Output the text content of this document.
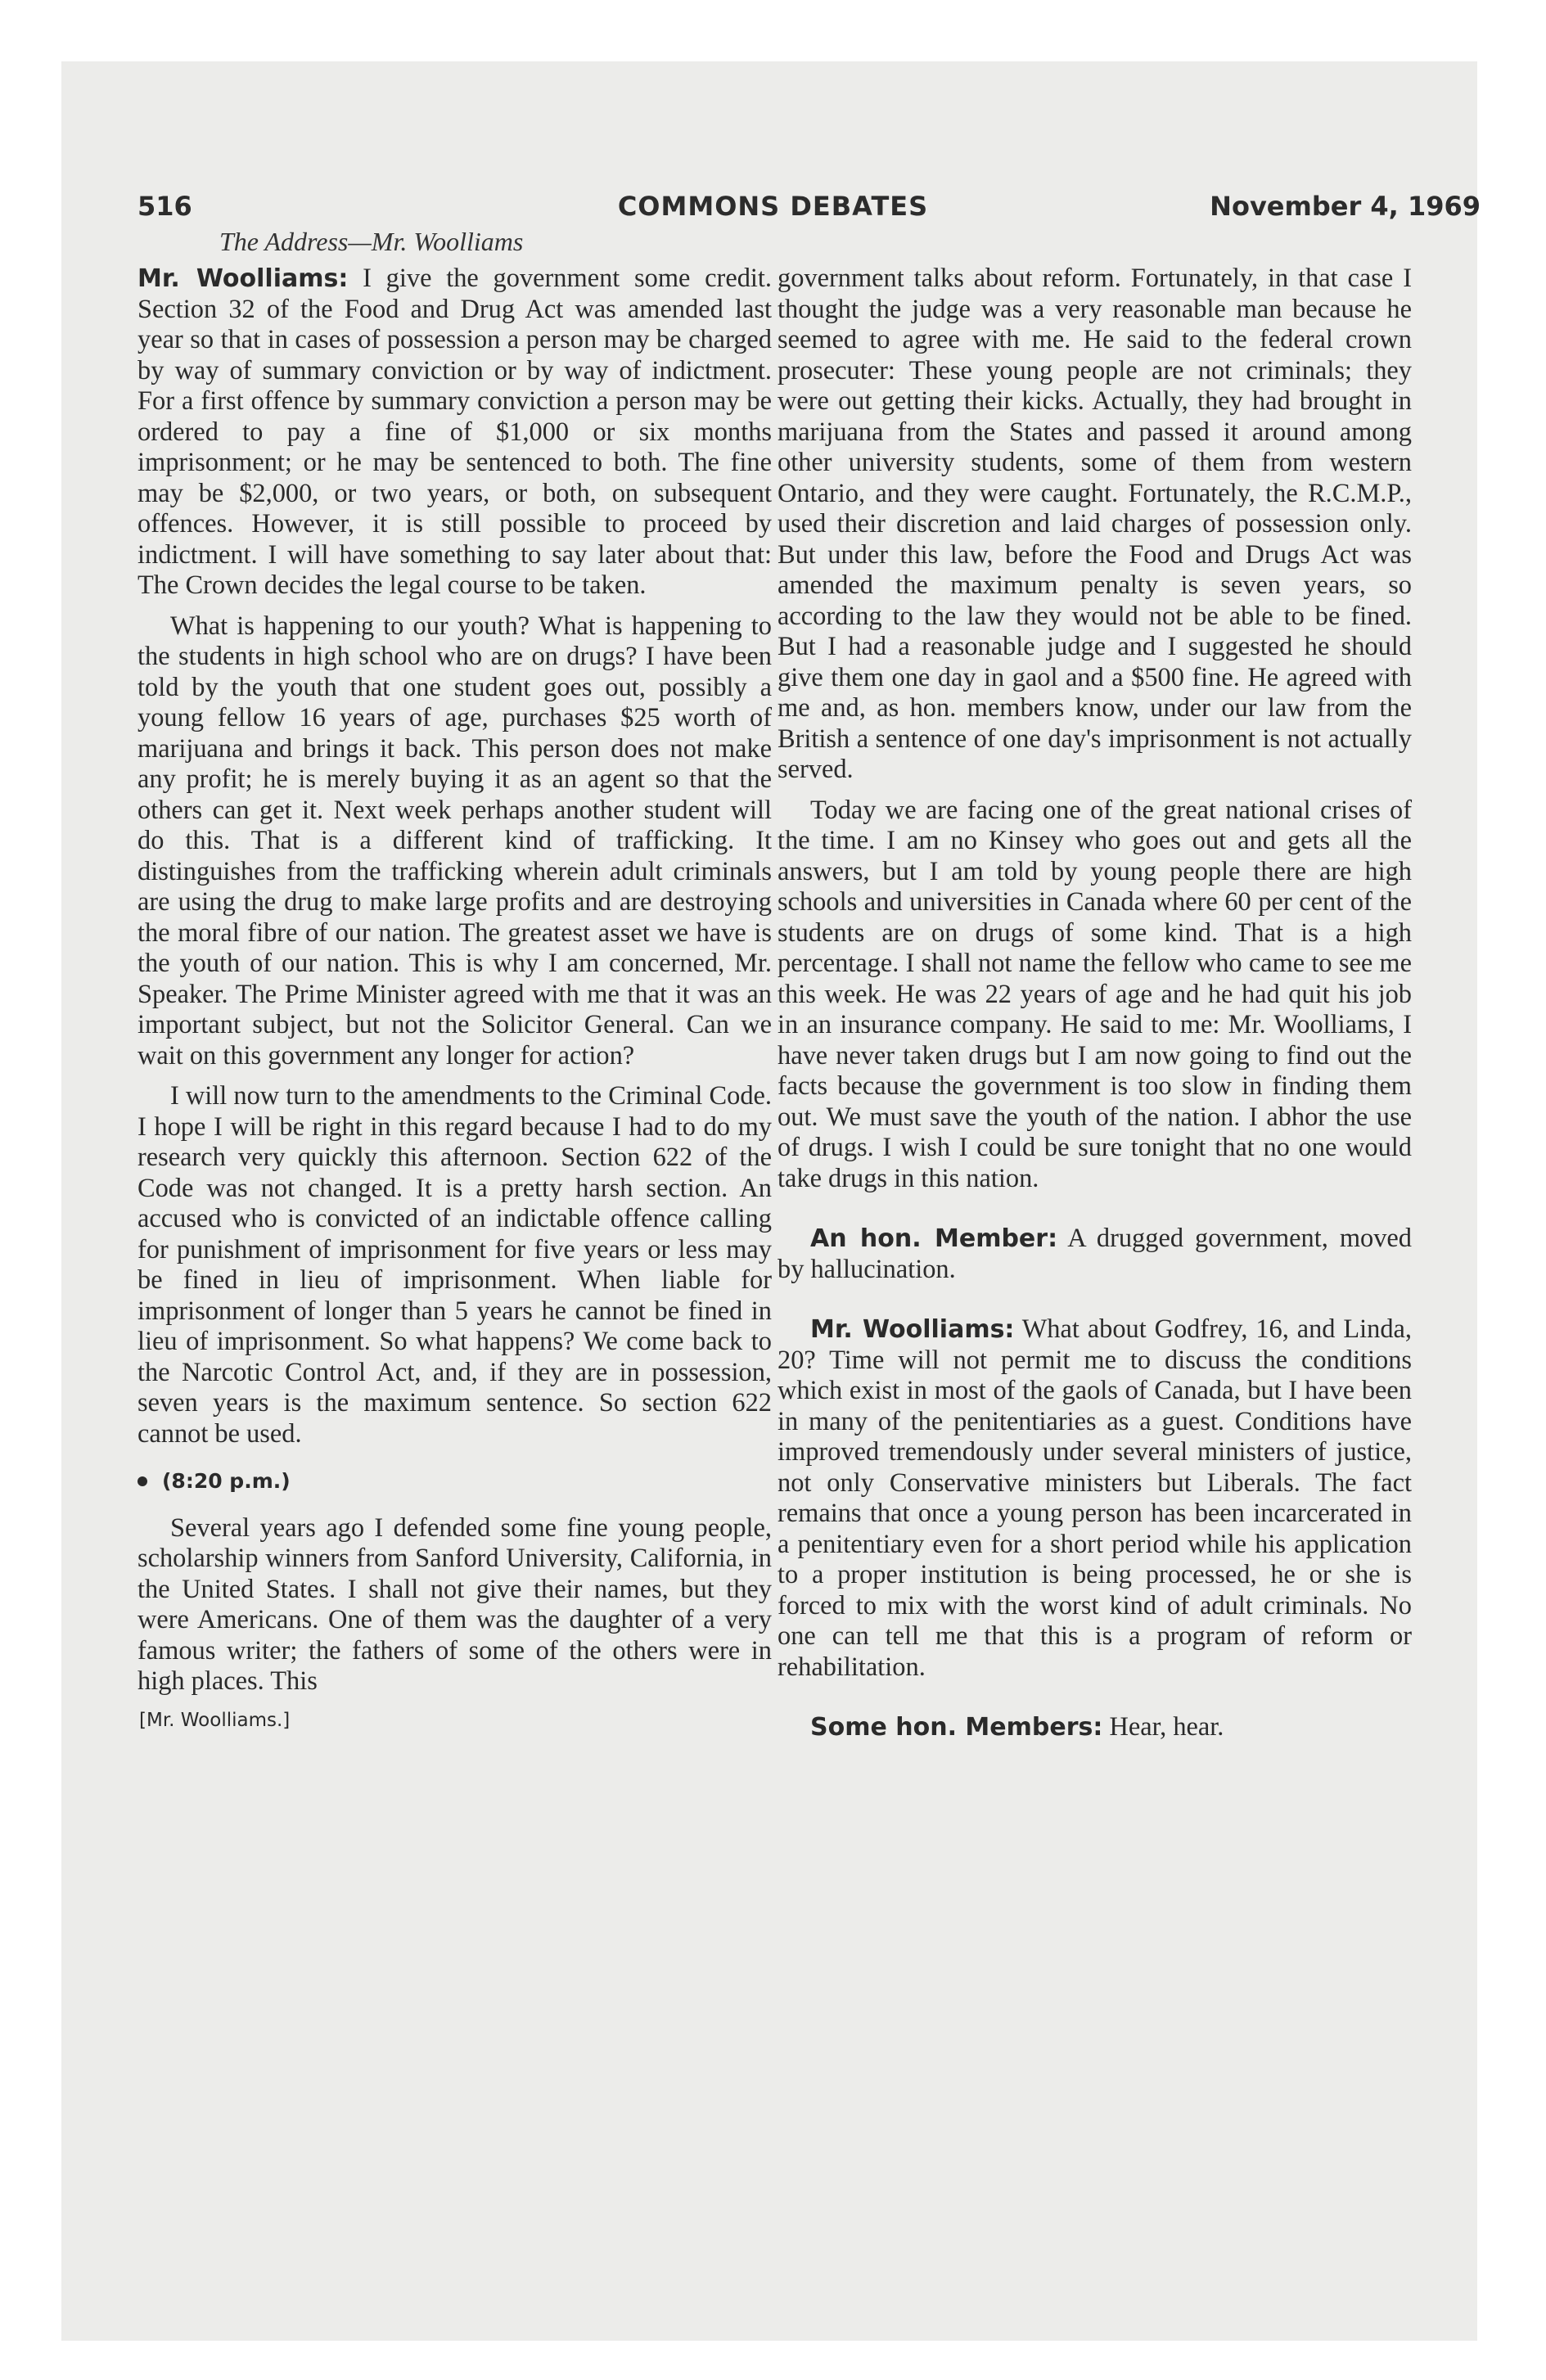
516	COMMONS DEBATES	November 4, 1969
The Address—Mr. Woolliams

Mr. Woolliams: I give the government some credit. Section 32 of the Food and Drug Act was amended last year so that in cases of possession a person may be charged by way of summary conviction or by way of indictment. For a first offence by summary conviction a person may be ordered to pay a fine of $1,000 or six months imprisonment; or he may be sentenced to both. The fine may be $2,000, or two years, or both, on subsequent offences. However, it is still possible to proceed by indictment. I will have something to say later about that: The Crown decides the legal course to be taken.

What is happening to our youth? What is happening to the students in high school who are on drugs? I have been told by the youth that one student goes out, possibly a young fellow 16 years of age, purchases $25 worth of marijuana and brings it back. This person does not make any profit; he is merely buying it as an agent so that the others can get it. Next week perhaps another student will do this. That is a different kind of trafficking. It distinguishes from the trafficking wherein adult criminals are using the drug to make large profits and are destroying the moral fibre of our nation. The greatest asset we have is the youth of our nation. This is why I am concerned, Mr. Speaker. The Prime Minister agreed with me that it was an important subject, but not the Solicitor General. Can we wait on this government any longer for action?

I will now turn to the amendments to the Criminal Code. I hope I will be right in this regard because I had to do my research very quickly this afternoon. Section 622 of the Code was not changed. It is a pretty harsh section. An accused who is convicted of an indictable offence calling for punishment of imprisonment for five years or less may be fined in lieu of imprisonment. When liable for imprisonment of longer than 5 years he cannot be fined in lieu of imprisonment. So what happens? We come back to the Narcotic Control Act, and, if they are in possession, seven years is the maximum sentence. So section 622 cannot be used.

(8:20 p.m.)

Several years ago I defended some fine young people, scholarship winners from Sanford University, California, in the United States. I shall not give their names, but they were Americans. One of them was the daughter of a very famous writer; the fathers of some of the others were in high places. This

[Mr. Woolliams.]

government talks about reform. Fortunately, in that case I thought the judge was a very reasonable man because he seemed to agree with me. He said to the federal crown prosecuter: These young people are not criminals; they were out getting their kicks. Actually, they had brought in marijuana from the States and passed it around among other university students, some of them from western Ontario, and they were caught. Fortunately, the R.C.M.P., used their discretion and laid charges of possession only. But under this law, before the Food and Drugs Act was amended the maximum penalty is seven years, so according to the law they would not be able to be fined. But I had a reasonable judge and I suggested he should give them one day in gaol and a $500 fine. He agreed with me and, as hon. members know, under our law from the British a sentence of one day's imprisonment is not actually served.

Today we are facing one of the great national crises of the time. I am no Kinsey who goes out and gets all the answers, but I am told by young people there are high schools and universities in Canada where 60 per cent of the students are on drugs of some kind. That is a high percentage. I shall not name the fellow who came to see me this week. He was 22 years of age and he had quit his job in an insurance company. He said to me: Mr. Woolliams, I have never taken drugs but I am now going to find out the facts because the government is too slow in finding them out. We must save the youth of the nation. I abhor the use of drugs. I wish I could be sure tonight that no one would take drugs in this nation.

An hon. Member: A drugged government, moved by hallucination.

Mr. Woolliams: What about Godfrey, 16, and Linda, 20? Time will not permit me to discuss the conditions which exist in most of the gaols of Canada, but I have been in many of the penitentiaries as a guest. Conditions have improved tremendously under several ministers of justice, not only Conservative ministers but Liberals. The fact remains that once a young person has been incarcerated in a penitentiary even for a short period while his application to a proper institution is being processed, he or she is forced to mix with the worst kind of adult criminals. No one can tell me that this is a program of reform or rehabilitation.

Some hon. Members: Hear, hear.
